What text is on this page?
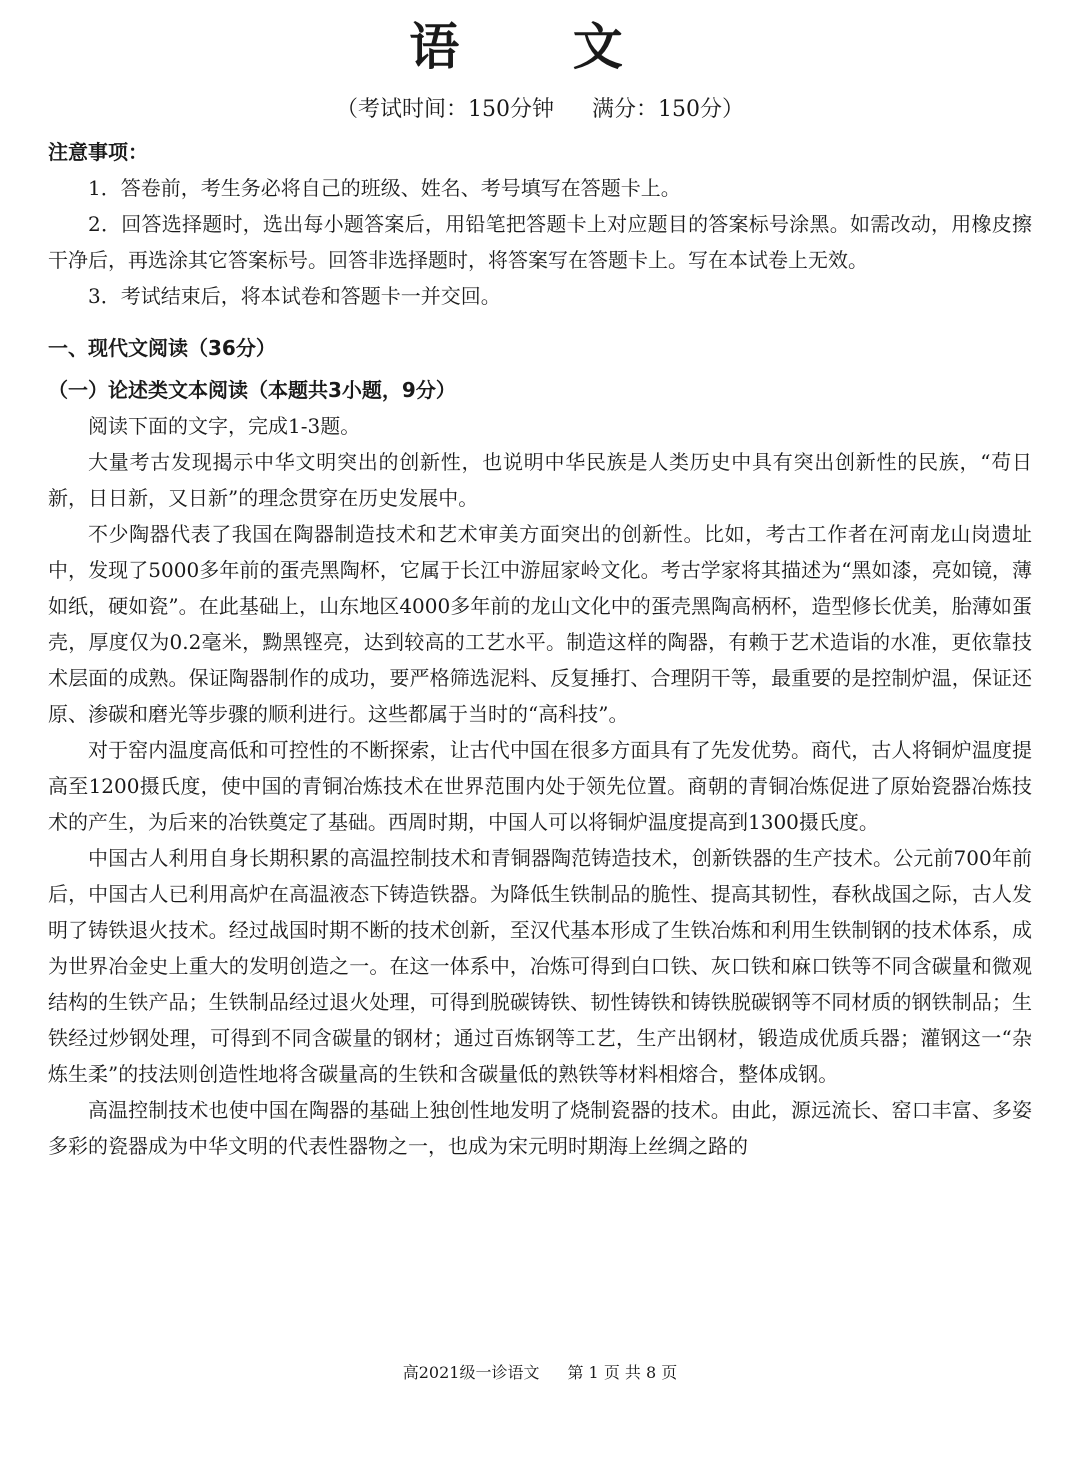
语 文
（考试时间：150分钟 满分：150分）
注意事项：

1．答卷前，考生务必将自己的班级、姓名、考号填写在答题卡上。

2．回答选择题时，选出每小题答案后，用铅笔把答题卡上对应题目的答案标号涂黑。如需改动，用橡皮擦干净后，再选涂其它答案标号。回答非选择题时，将答案写在答题卡上。写在本试卷上无效。

3．考试结束后，将本试卷和答题卡一并交回。

一、现代文阅读（36分）
（一）论述类文本阅读（本题共3小题，9分）

阅读下面的文字，完成1-3题。

大量考古发现揭示中华文明突出的创新性，也说明中华民族是人类历史中具有突出创新性的民族，“苟日新，日日新，又日新”的理念贯穿在历史发展中。

不少陶器代表了我国在陶器制造技术和艺术审美方面突出的创新性。比如，考古工作者在河南龙山岗遗址中，发现了5000多年前的蛋壳黑陶杯，它属于长江中游屈家岭文化。考古学家将其描述为“黑如漆，亮如镜，薄如纸，硬如瓷”。在此基础上，山东地区4000多年前的龙山文化中的蛋壳黑陶高柄杯，造型修长优美，胎薄如蛋壳，厚度仅为0.2毫米，黝黑铿亮，达到较高的工艺水平。制造这样的陶器，有赖于艺术造诣的水准，更依靠技术层面的成熟。保证陶器制作的成功，要严格筛选泥料、反复捶打、合理阴干等，最重要的是控制炉温，保证还原、渗碳和磨光等步骤的顺利进行。这些都属于当时的“高科技”。

对于窑内温度高低和可控性的不断探索，让古代中国在很多方面具有了先发优势。商代，古人将铜炉温度提高至1200摄氏度，使中国的青铜冶炼技术在世界范围内处于领先位置。商朝的青铜冶炼促进了原始瓷器冶炼技术的产生，为后来的冶铁奠定了基础。西周时期，中国人可以将铜炉温度提高到1300摄氏度。

中国古人利用自身长期积累的高温控制技术和青铜器陶范铸造技术，创新铁器的生产技术。公元前700年前后，中国古人已利用高炉在高温液态下铸造铁器。为降低生铁制品的脆性、提高其韧性，春秋战国之际，古人发明了铸铁退火技术。经过战国时期不断的技术创新，至汉代基本形成了生铁冶炼和利用生铁制钢的技术体系，成为世界冶金史上重大的发明创造之一。在这一体系中，冶炼可得到白口铁、灰口铁和麻口铁等不同含碳量和微观结构的生铁产品；生铁制品经过退火处理，可得到脱碳铸铁、韧性铸铁和铸铁脱碳钢等不同材质的钢铁制品；生铁经过炒钢处理，可得到不同含碳量的钢材；通过百炼钢等工艺，生产出钢材，锻造成优质兵器；灌钢这一“杂炼生柔”的技法则创造性地将含碳量高的生铁和含碳量低的熟铁等材料相熔合，整体成钢。

高温控制技术也使中国在陶器的基础上独创性地发明了烧制瓷器的技术。由此，源远流长、窑口丰富、多姿多彩的瓷器成为中华文明的代表性器物之一，也成为宋元明时期海上丝绸之路的

高2021级一诊语文 第 1 页 共 8 页
